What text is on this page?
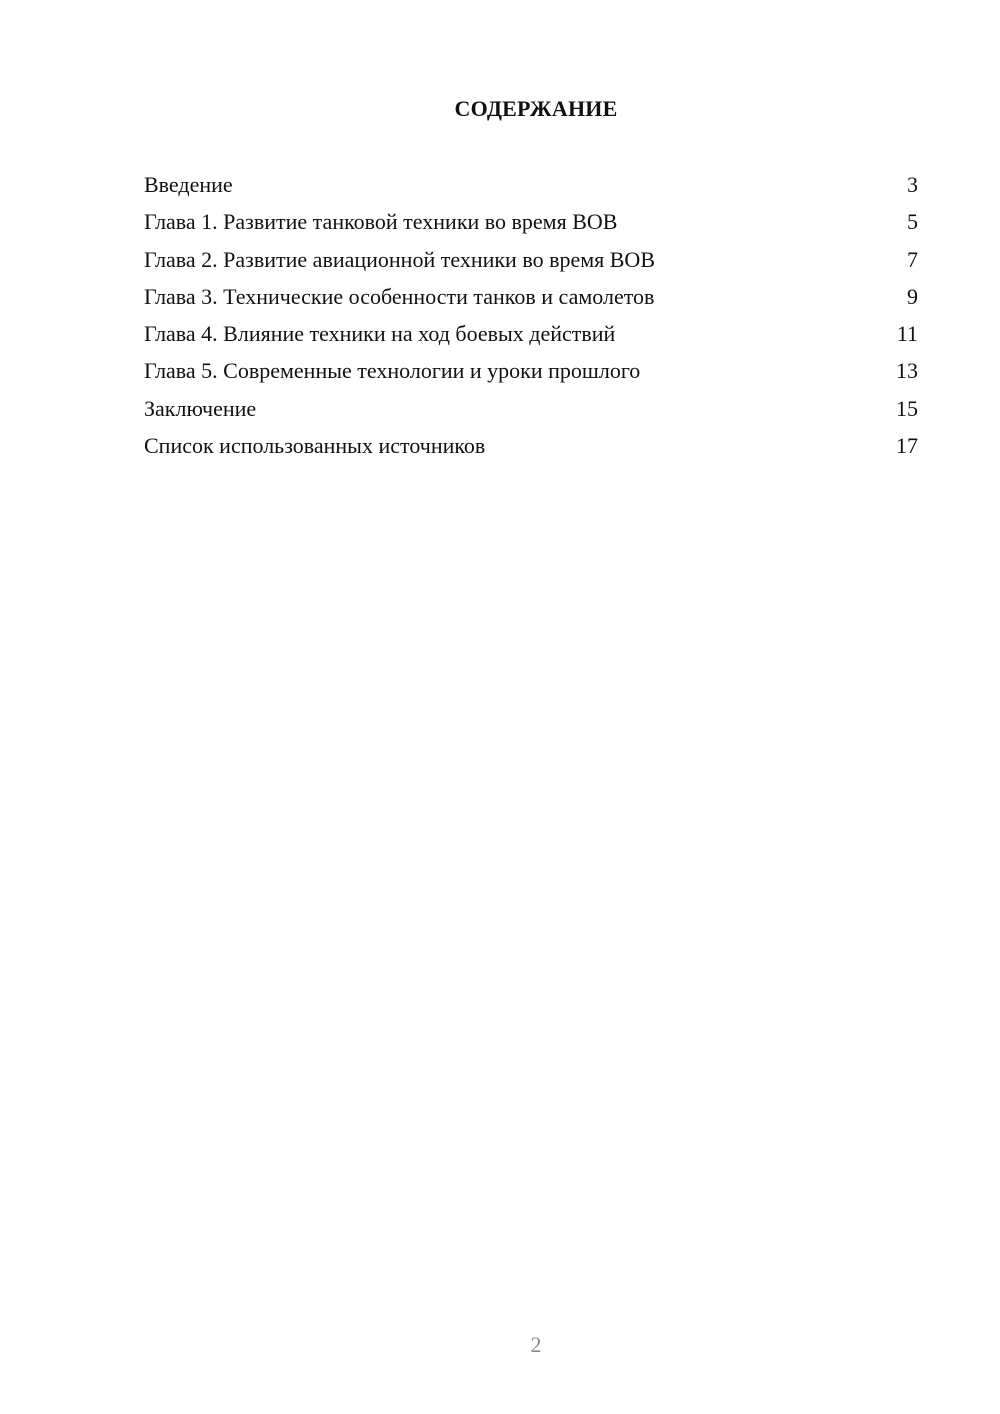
СОДЕРЖАНИЕ
Введение	3
Глава 1. Развитие танковой техники во время ВОВ	5
Глава 2. Развитие авиационной техники во время ВОВ	7
Глава 3. Технические особенности танков и самолетов	9
Глава 4. Влияние техники на ход боевых действий	11
Глава 5. Современные технологии и уроки прошлого	13
Заключение	15
Список использованных источников	17
2
